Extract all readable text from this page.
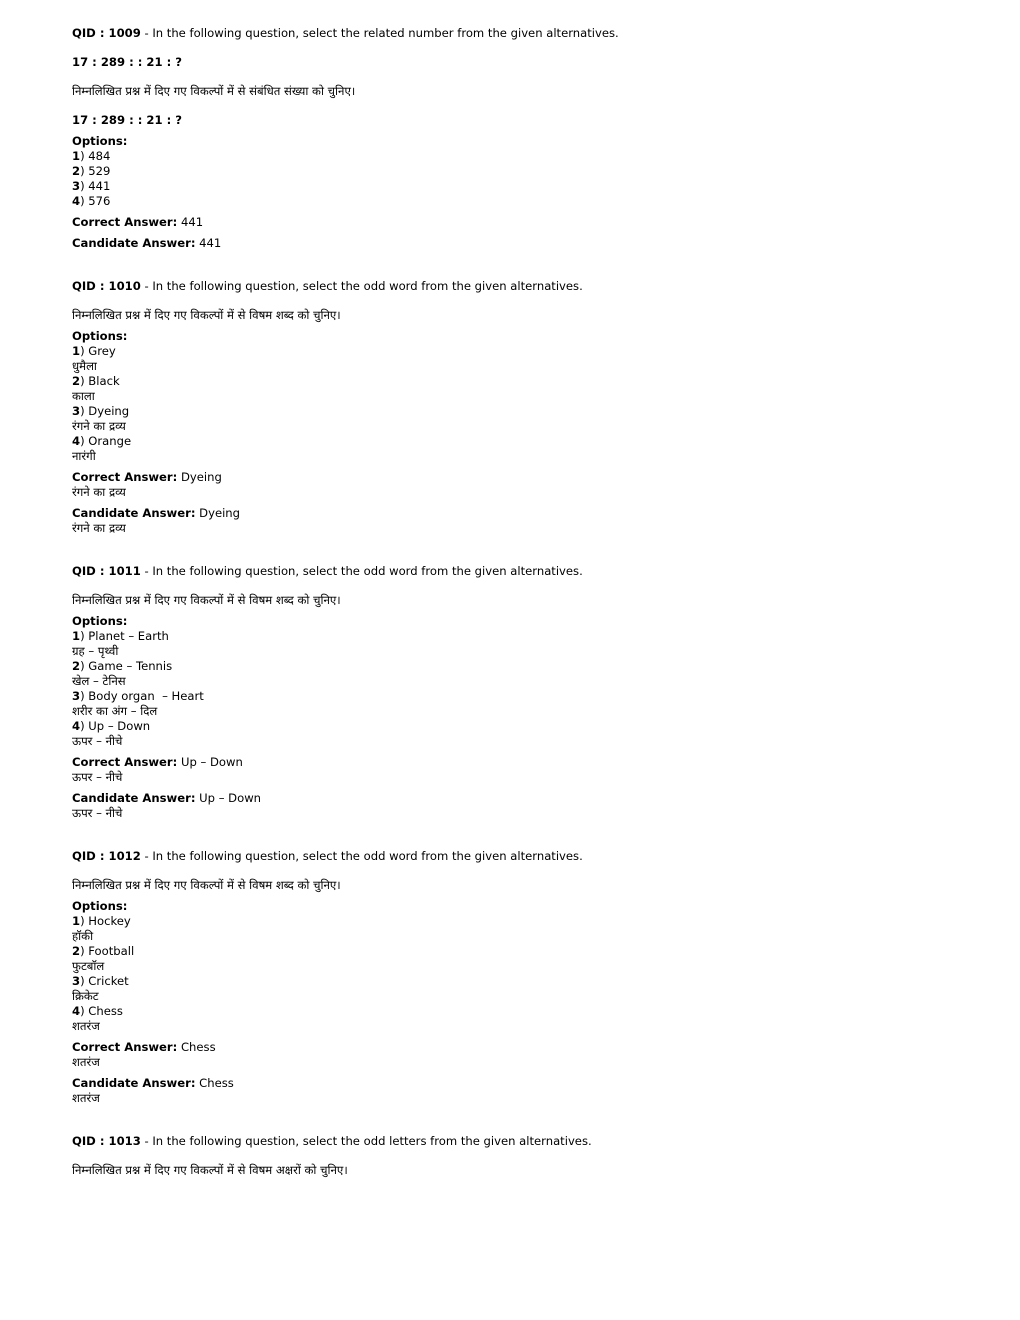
QID : 1009 - In the following question, select the related number from the given alternatives.
17 : 289 : : 21 : ?
निम्नलिखित प्रश्न में दिए गए विकल्पों में से संबंधित संख्या को चुनिए।
17 : 289 : : 21 : ?
Options:
1) 484
2) 529
3) 441
4) 576
Correct Answer: 441
Candidate Answer: 441
QID : 1010 - In the following question, select the odd word from the given alternatives.
निम्नलिखित प्रश्न में दिए गए विकल्पों में से विषम शब्द को चुनिए।
Options:
1) Grey
धुमैला
2) Black
काला
3) Dyeing
रंगने का द्रव्य
4) Orange
नारंगी
Correct Answer: Dyeing
रंगने का द्रव्य
Candidate Answer: Dyeing
रंगने का द्रव्य
QID : 1011 - In the following question, select the odd word from the given alternatives.
निम्नलिखित प्रश्न में दिए गए विकल्पों में से विषम शब्द को चुनिए।
Options:
1) Planet – Earth
ग्रह – पृथ्वी
2) Game – Tennis
खेल – टेनिस
3) Body organ  – Heart
शरीर का अंग – दिल
4) Up – Down
ऊपर – नीचे
Correct Answer: Up – Down
ऊपर – नीचे
Candidate Answer: Up – Down
ऊपर – नीचे
QID : 1012 - In the following question, select the odd word from the given alternatives.
निम्नलिखित प्रश्न में दिए गए विकल्पों में से विषम शब्द को चुनिए।
Options:
1) Hockey
हॉकी
2) Football
फुटबॉल
3) Cricket
क्रिकेट
4) Chess
शतरंज
Correct Answer: Chess
शतरंज
Candidate Answer: Chess
शतरंज
QID : 1013 - In the following question, select the odd letters from the given alternatives.
निम्नलिखित प्रश्न में दिए गए विकल्पों में से विषम अक्षरों को चुनिए।
